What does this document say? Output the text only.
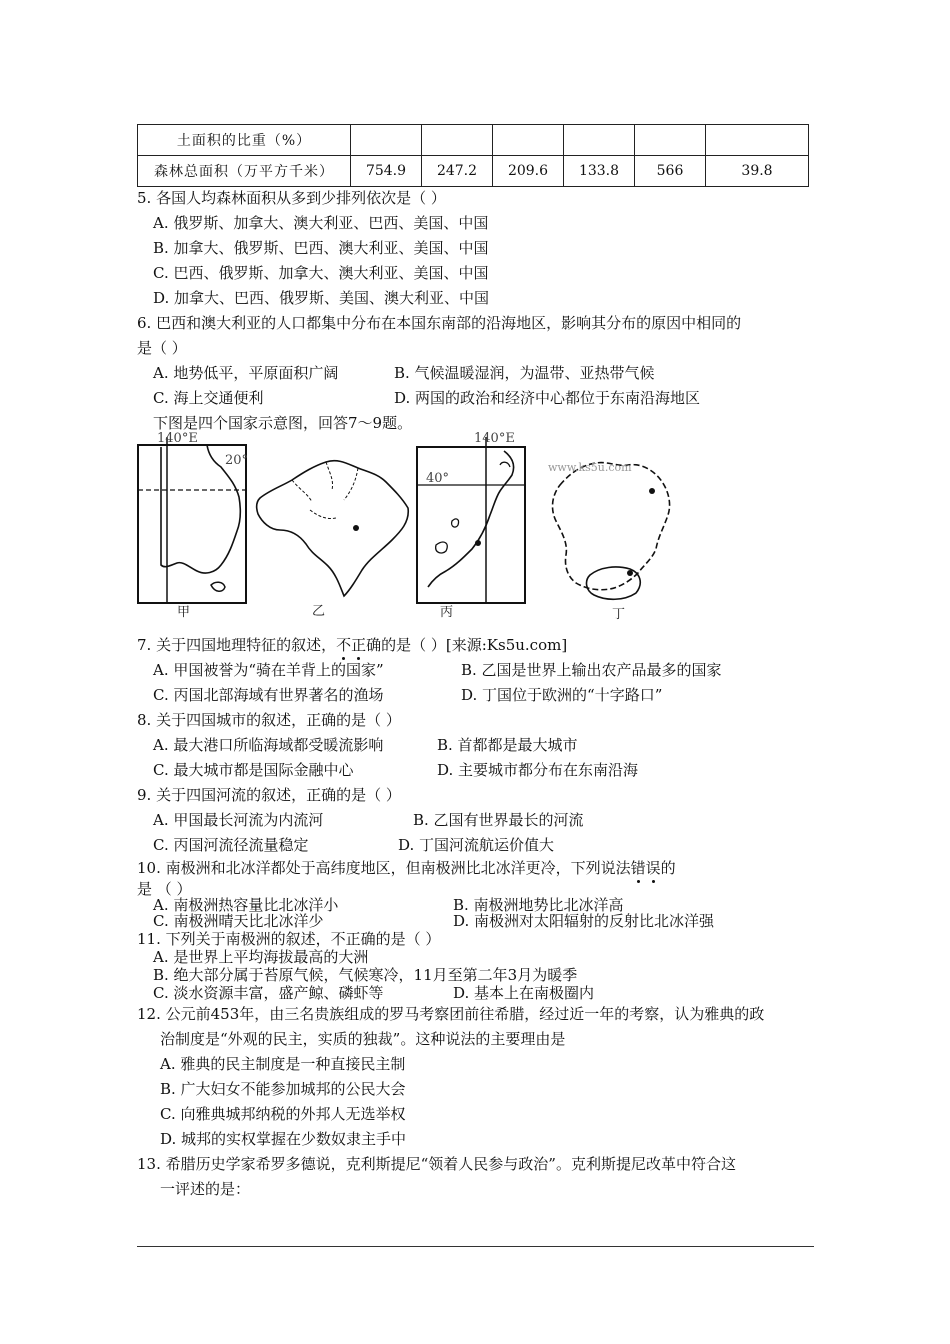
土面积的比重（%）						
森林总面积（万平方千米）	754.9	247.2	209.6	133.8	566	39.8
5. 各国人均森林面积从多到少排列依次是（ ）
A. 俄罗斯、加拿大、澳大利亚、巴西、美国、中国
B. 加拿大、俄罗斯、巴西、澳大利亚、美国、中国
C. 巴西、俄罗斯、加拿大、澳大利亚、美国、中国
D. 加拿大、巴西、俄罗斯、美国、澳大利亚、中国
6. 巴西和澳大利亚的人口都集中分布在本国东南部的沿海地区，影响其分布的原因中相同的
是（ ）
A. 地势低平，平原面积广阔	B. 气候温暖湿润，为温带、亚热带气候
C. 海上交通便利	D. 两国的政治和经济中心都位于东南沿海地区
下图是四个国家示意图，回答7～9题。
140°E
20°
甲	乙
140°E
40°
丙
www.ks5u.com
丁
7. 关于四国地理特征的叙述，不正确的是（ ）[来源:Ks5u.com]
A. 甲国被誉为“骑在羊背上的国家”	B. 乙国是世界上输出农产品最多的国家
C. 丙国北部海域有世界著名的渔场	D. 丁国位于欧洲的“十字路口”
8. 关于四国城市的叙述，正确的是（ ）
A. 最大港口所临海域都受暖流影响	B. 首都都是最大城市
C. 最大城市都是国际金融中心	D. 主要城市都分布在东南沿海
9. 关于四国河流的叙述，正确的是（ ）
A. 甲国最长河流为内流河	B. 乙国有世界最长的河流
C. 丙国河流径流量稳定	D. 丁国河流航运价值大
10. 南极洲和北冰洋都处于高纬度地区，但南极洲比北冰洋更冷，下列说法错误的
是 （ ）
A. 南极洲热容量比北冰洋小	B. 南极洲地势比北冰洋高
C. 南极洲晴天比北冰洋少	D. 南极洲对太阳辐射的反射比北冰洋强
11. 下列关于南极洲的叙述，不正确的是（ ）
A. 是世界上平均海拔最高的大洲
B. 绝大部分属于苔原气候，气候寒冷，11月至第二年3月为暖季
C. 淡水资源丰富，盛产鲸、磷虾等	D. 基本上在南极圈内
12. 公元前453年，由三名贵族组成的罗马考察团前往希腊，经过近一年的考察，认为雅典的政
治制度是“外观的民主，实质的独裁”。这种说法的主要理由是
A. 雅典的民主制度是一种直接民主制
B. 广大妇女不能参加城邦的公民大会
C. 向雅典城邦纳税的外邦人无选举权
D. 城邦的实权掌握在少数奴隶主手中
13. 希腊历史学家希罗多德说，克利斯提尼“领着人民参与政治”。克利斯提尼改革中符合这
一评述的是：
